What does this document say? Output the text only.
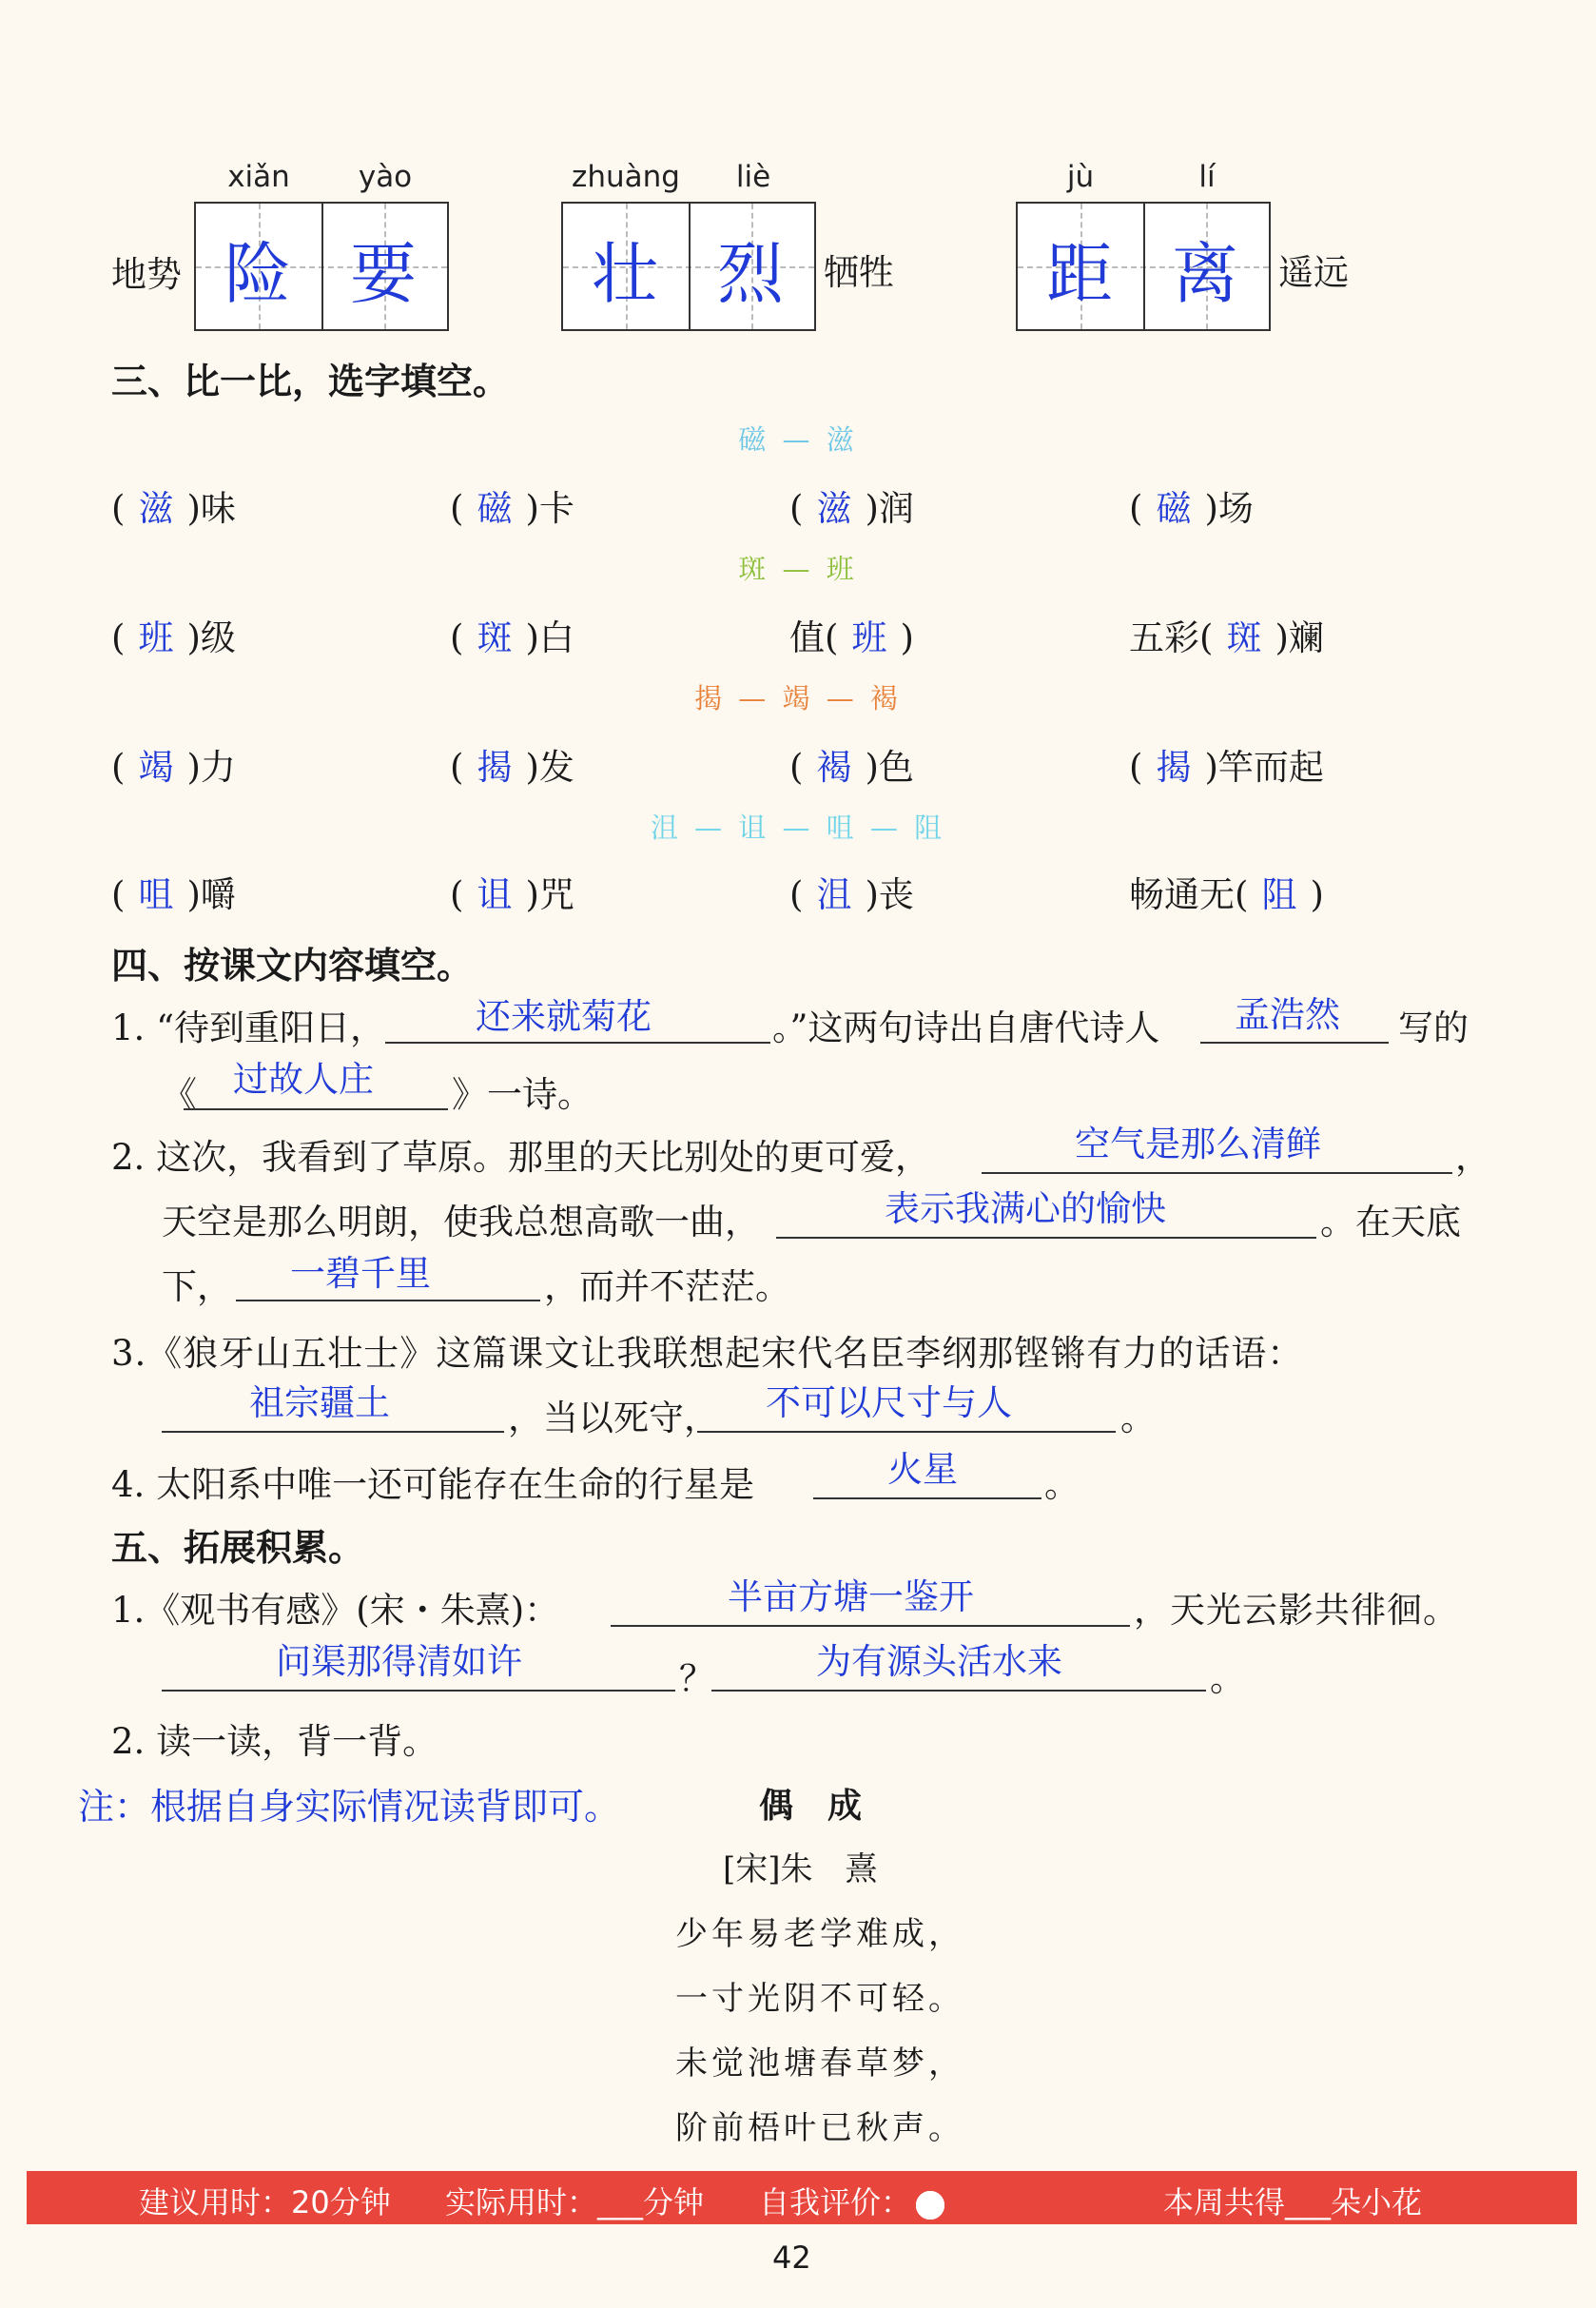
地势
xiǎn	yào
险 要
zhuàng	liè
壮 烈	牺牲
jù	lí
距 离	遥远
三、比一比，选字填空。
磁 — 滋
( 滋 )味	( 磁 )卡	( 滋 )润	( 磁 )场
斑 — 班
( 班 )级	( 斑 )白	值( 班 )	五彩( 斑 )斓
揭 — 竭 — 褐
( 竭 )力	( 揭 )发	( 褐 )色	( 揭 )竿而起
沮 — 诅 — 咀 — 阻
( 咀 )嚼	( 诅 )咒	( 沮 )丧	畅通无( 阻 )
四、按课文内容填空。
1. “待到重阳日，	还来就菊花	。”这两句诗出自唐代诗人 孟浩然 写的
《 过故人庄 》一诗。
2. 这次，我看到了草原。那里的天比别处的更可爱，	空气是那么清鲜	，
天空是那么明朗，使我总想高歌一曲，	表示我满心的愉快	。在天底
下， 一碧千里	，而并不茫茫。
3.《狼牙山五壮士》这篇课文让我联想起宋代名臣李纲那铿锵有力的话语：
祖宗疆土	，当以死守， 不可以尺寸与人	。
4. 太阳系中唯一还可能存在生命的行星是	火星 。
五、拓展积累。
1.《观书有感》(宋・朱熹)：	半亩方塘一鉴开	，天光云影共徘徊。
问渠那得清如许	？	为有源头活水来	。
2. 读一读，背一背。
注：根据自身实际情况读背即可。	偶　成
[宋]朱　熹
少年易老学难成，
一寸光阴不可轻。
未觉池塘春草梦，
阶前梧叶已秋声。
建议用时：20分钟 实际用时：___分钟 自我评价：	本周共得___朵小花
42
